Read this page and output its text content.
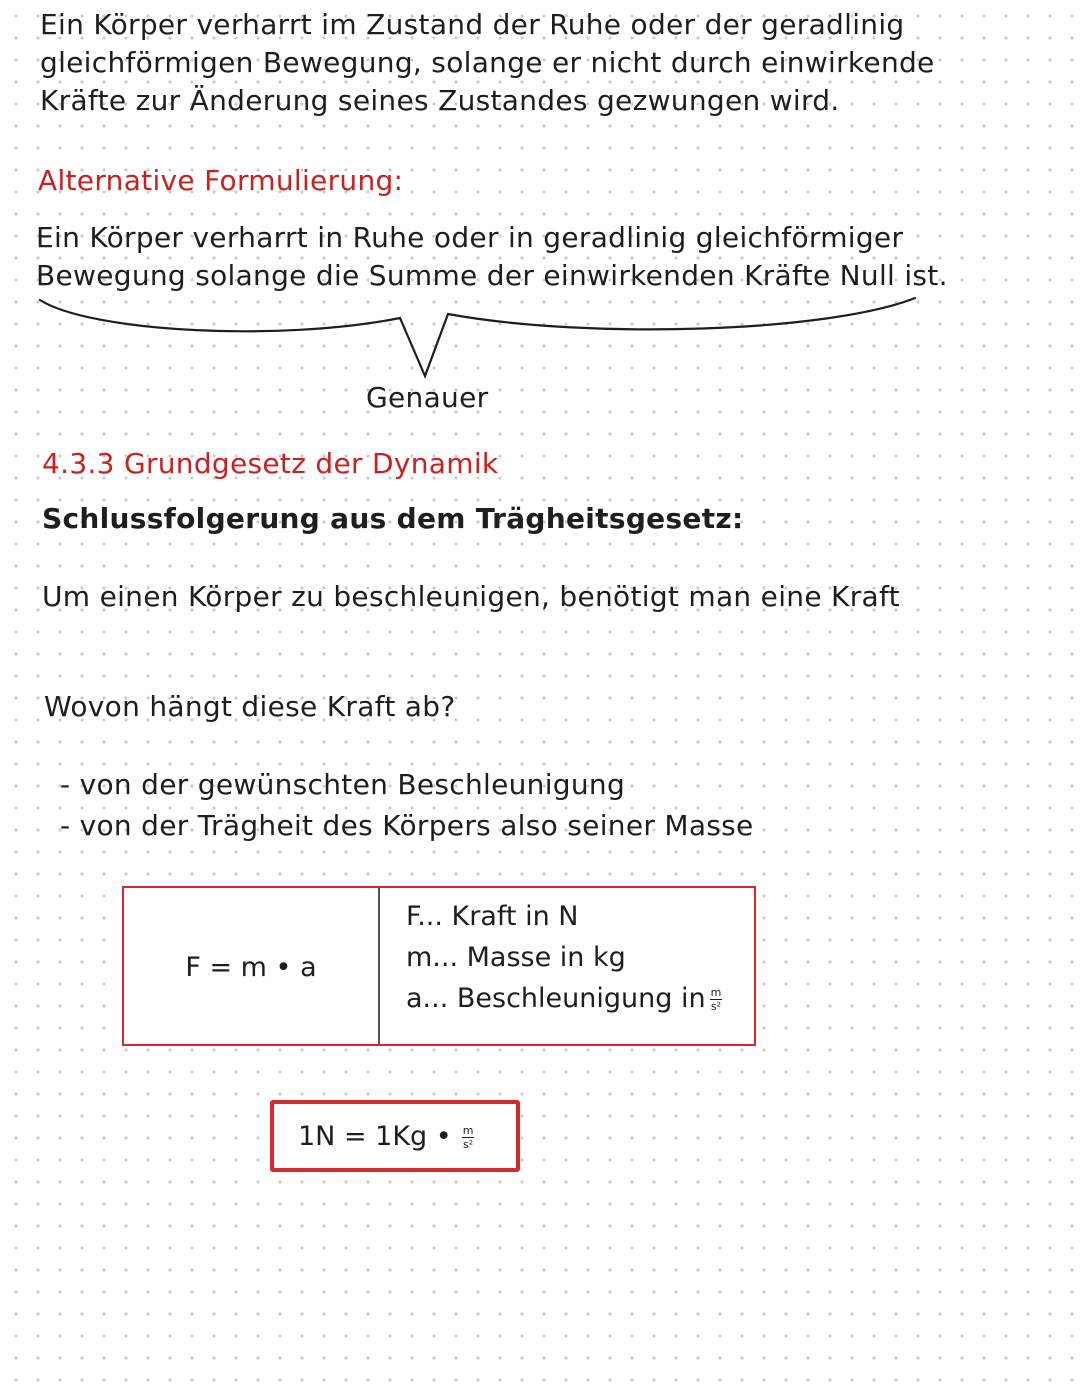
Ein Körper verharrt im Zustand der Ruhe oder der geradlinig

gleichförmigen Bewegung, solange er nicht durch einwirkende

Kräfte zur Änderung seines Zustandes gezwungen wird.

Alternative Formulierung:

Ein Körper verharrt in Ruhe oder in geradlinig gleichförmiger

Bewegung solange die Summe der einwirkenden Kräfte Null ist.

Genauer

4.3.3 Grundgesetz der Dynamik

Schlussfolgerung aus dem Trägheitsgesetz:

Um einen Körper zu beschleunigen, benötigt man eine Kraft

Wovon hängt diese Kraft ab?

- von der gewünschten Beschleunigung

- von der Trägheit des Körpers also seiner Masse

F = m • a
F... Kraft in N
m... Masse in kg
a... Beschleunigung in $\frac{m}{\text{s²}}$
1N = 1Kg • $\frac{m}{\text{s²}}$
